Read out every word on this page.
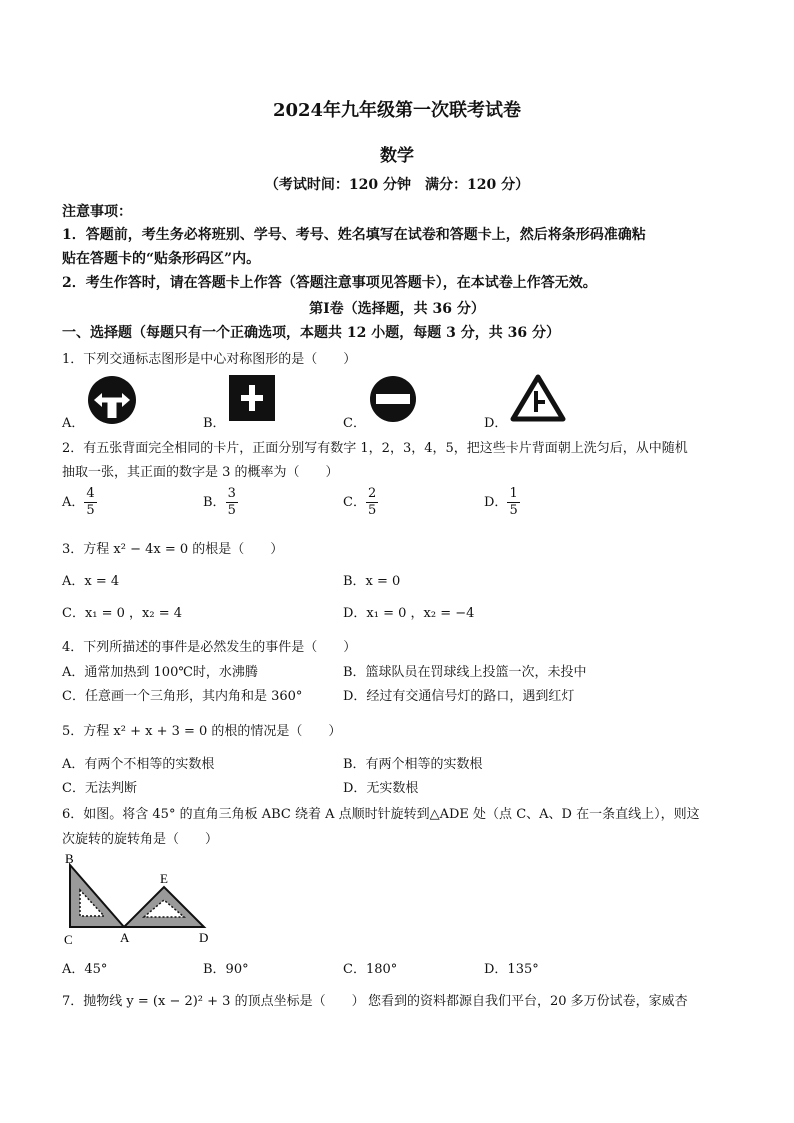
2024年九年级第一次联考试卷
数学
（考试时间：120 分钟　满分：120 分）
注意事项：
1．答题前，考生务必将班别、学号、考号、姓名填写在试卷和答题卡上，然后将条形码准确粘
贴在答题卡的“贴条形码区”内。
2．考生作答时，请在答题卡上作答（答题注意事项见答题卡），在本试卷上作答无效。
第Ⅰ卷（选择题，共 36 分）
一、选择题（每题只有一个正确选项，本题共 12 小题，每题 3 分，共 36 分）
1．下列交通标志图形是中心对称图形的是（　　）
A．	B．	C．	D．
2．有五张背面完全相同的卡片，正面分别写有数字 1，2，3，4，5，把这些卡片背面朝上洗匀后，从中随机
抽取一张，其正面的数字是 3 的概率为（　　）
A． $\frac{4}{5}$	B． $\frac{3}{5}$	C． $\frac{2}{5}$	D． $\frac{1}{5}$
3．方程 x² − 4x = 0 的根是（　　）
A．x = 4	B．x = 0
C．x₁ = 0 ，x₂ = 4	D．x₁ = 0 ，x₂ = −4
4．下列所描述的事件是必然发生的事件是（　　）
A．通常加热到 100℃时，水沸腾	B．篮球队员在罚球线上投篮一次，未投中
C．任意画一个三角形，其内角和是 360°	D．经过有交通信号灯的路口，遇到红灯
5．方程 x² + x + 3 = 0 的根的情况是（　　）
A．有两个不相等的实数根	B．有两个相等的实数根
C．无法判断	D．无实数根
6．如图。将含 45° 的直角三角板 ABC 绕着 A 点顺时针旋转到△ADE 处（点 C、A、D 在一条直线上），则这
次旋转的旋转角是（　　）
B
E
C	A	D
A．45°	B．90°	C．180°	D．135°
7．抛物线 y = (x − 2)² + 3 的顶点坐标是（　　） 您看到的资料都源自我们平台，20 多万份试卷，家威杏
